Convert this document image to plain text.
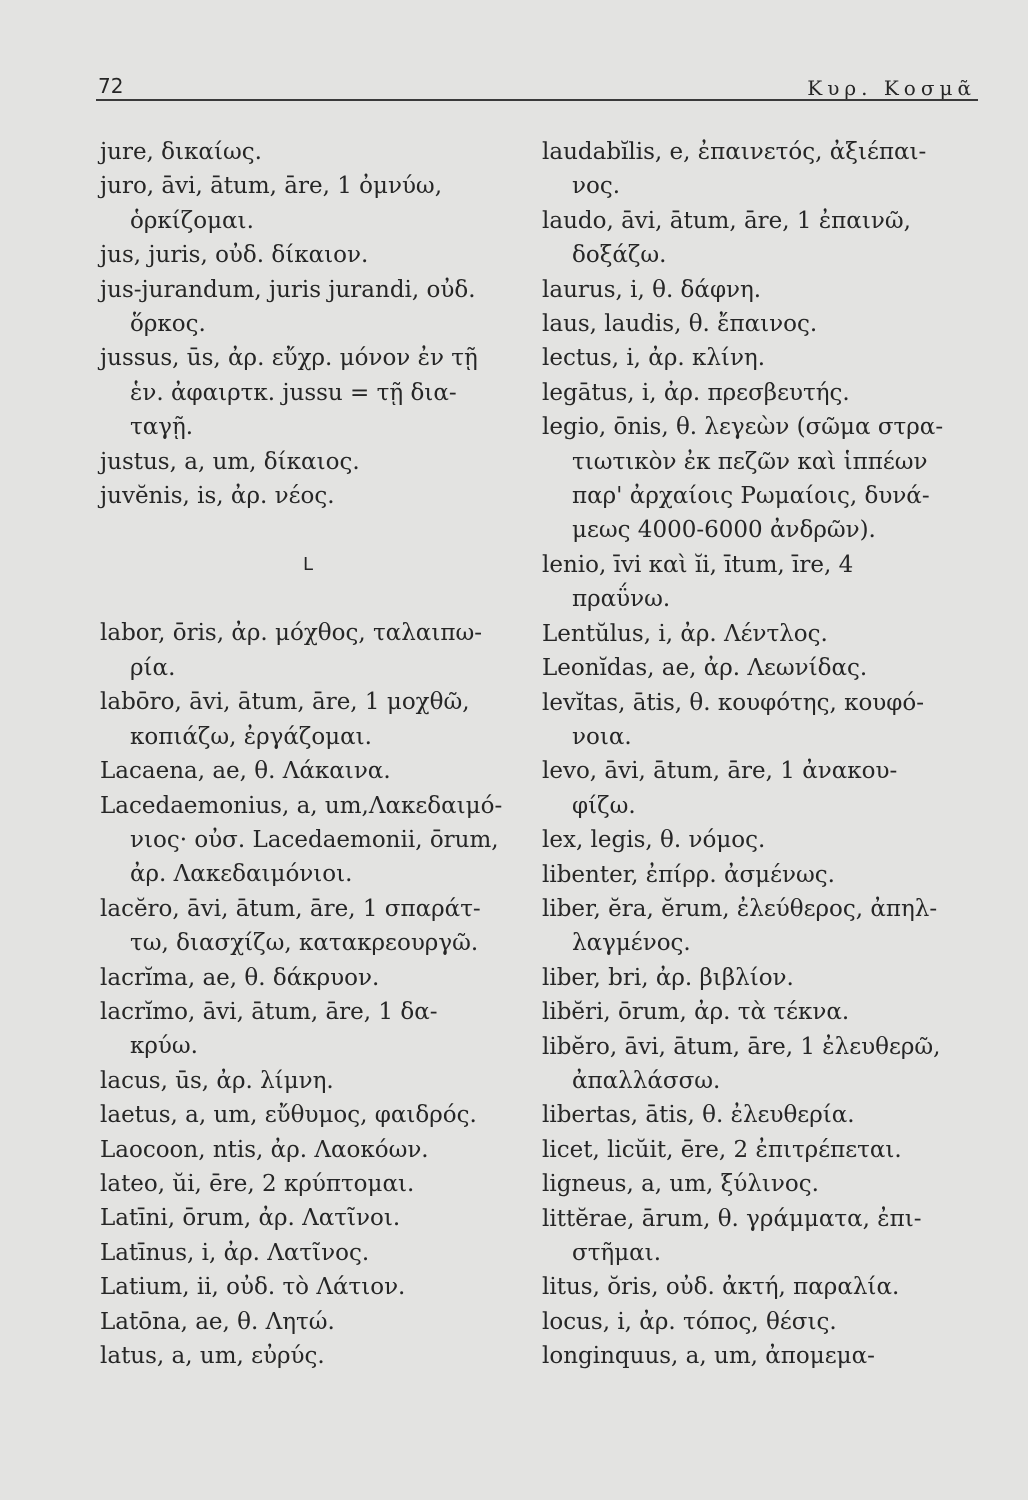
72	Κυρ. Κοσμᾶ
jure, δικαίως.
juro, āvi, ātum, āre, 1 ὀμνύω,
ὁρκίζομαι.
jus, juris, οὐδ. δίκαιον.
jus-jurandum, juris jurandi, οὐδ.
ὅρκος.
jussus, ūs, ἀρ. εὔχρ. μόνον ἐν τῇ
ἑν. ἀφαιρτκ. jussu = τῇ δια-
ταγῇ.
justus, a, um, δίκαιος.
juvĕnis, is, ἀρ. νέος.
L
labor, ōris, ἀρ. μόχθος, ταλαιπω-
ρία.
labōro, āvi, ātum, āre, 1 μοχθῶ,
κοπιάζω, ἐργάζομαι.
Lacaena, ae, θ. Λάκαινα.
Lacedaemonius, a, um,Λακεδαιμό-
νιος· οὐσ. Lacedaemonii, ōrum,
ἀρ. Λακεδαιμόνιοι.
lacĕro, āvi, ātum, āre, 1 σπαράτ-
τω, διασχίζω, κατακρεουργῶ.
lacrĭma, ae, θ. δάκρυον.
lacrĭmo, āvi, ātum, āre, 1 δα-
κρύω.
lacus, ūs, ἀρ. λίμνη.
laetus, a, um, εὔθυμος, φαιδρός.
Laocoon, ntis, ἀρ. Λαοκόων.
lateo, ŭi, ēre, 2 κρύπτομαι.
Latīni, ōrum, ἀρ. Λατῖνοι.
Latīnus, i, ἀρ. Λατῖνος.
Latium, ii, οὐδ. τὸ Λάτιον.
Latōna, ae, θ. Λητώ.
latus, a, um, εὐρύς.
laudabĭlis, e, ἐπαινετός, ἀξιέπαι-
νος.
laudo, āvi, ātum, āre, 1 ἐπαινῶ,
δοξάζω.
laurus, i, θ. δάφνη.
laus, laudis, θ. ἔπαινος.
lectus, i, ἀρ. κλίνη.
legātus, i, ἀρ. πρεσβευτής.
legio, ōnis, θ. λεγεὼν (σῶμα στρα-
τιωτικὸν ἐκ πεζῶν καὶ ἱππέων
παρ' ἀρχαίοις Ρωμαίοις, δυνά-
μεως 4000-6000 ἀνδρῶν).
lenio, īvi καὶ ĭi, ītum, īre, 4
πραΰνω.
Lentŭlus, i, ἀρ. Λέντλος.
Leonĭdas, ae, ἀρ. Λεωνίδας.
levĭtas, ātis, θ. κουφότης, κουφό-
νοια.
levo, āvi, ātum, āre, 1 ἀνακου-
φίζω.
lex, legis, θ. νόμος.
libenter, ἐπίρρ. ἀσμένως.
liber, ĕra, ĕrum, ἐλεύθερος, ἀπηλ-
λαγμένος.
liber, bri, ἀρ. βιβλίον.
libĕri, ōrum, ἀρ. τὰ τέκνα.
libĕro, āvi, ātum, āre, 1 ἐλευθερῶ,
ἀπαλλάσσω.
libertas, ātis, θ. ἐλευθερία.
licet, licŭit, ēre, 2 ἐπιτρέπεται.
ligneus, a, um, ξύλινος.
littĕrae, ārum, θ. γράμματα, ἐπι-
στῆμαι.
litus, ŏris, οὐδ. ἀκτή, παραλία.
locus, i, ἀρ. τόπος, θέσις.
longinquus, a, um, ἀπομεμα-
